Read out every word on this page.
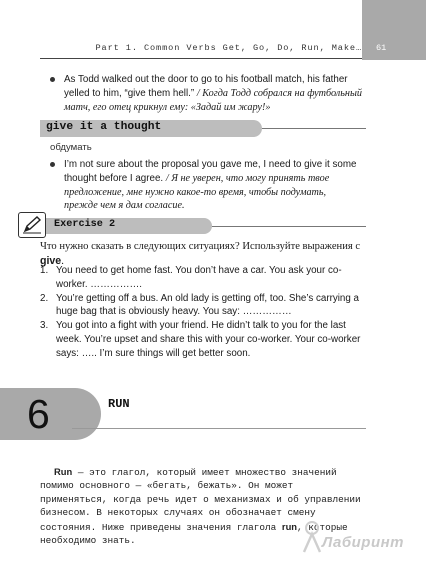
Part 1. Common Verbs Get, Go, Do, Run, Make… 61
As Todd walked out the door to go to his football match, his father yelled to him, “give them hell.” / Когда Тодд собрался на футбольный матч, его отец крикнул ему: «Задай им жару!»
give it a thought
обдумать
I’m not sure about the proposal you gave me, I need to give it some thought before I agree. / Я не уверен, что могу принять твое предложение, мне нужно какое-то время, чтобы подумать, прежде чем я дам согласие.
Exercise 2
Что нужно сказать в следующих ситуациях? Используйте выражения с give.
1. You need to get home fast. You don’t have a car. You ask your co-worker. …………….
2. You’re getting off a bus. An old lady is getting off, too. She’s carrying a huge bag that is obviously heavy. You say: ……………
3. You got into a fight with your friend. He didn’t talk to you for the last week. You’re upset and share this with your co-worker. Your co-worker says: ….. I’m sure things will get better soon.
6	RUN
Run — это глагол, который имеет множество значений помимо основного — «бегать, бежать». Он может применяться, когда речь идет о механизмах и об управлении бизнесом. В некоторых случаях он обозначает смену состояния. Ниже приведены значения глагола run, которые необходимо знать.	Лабиринт
